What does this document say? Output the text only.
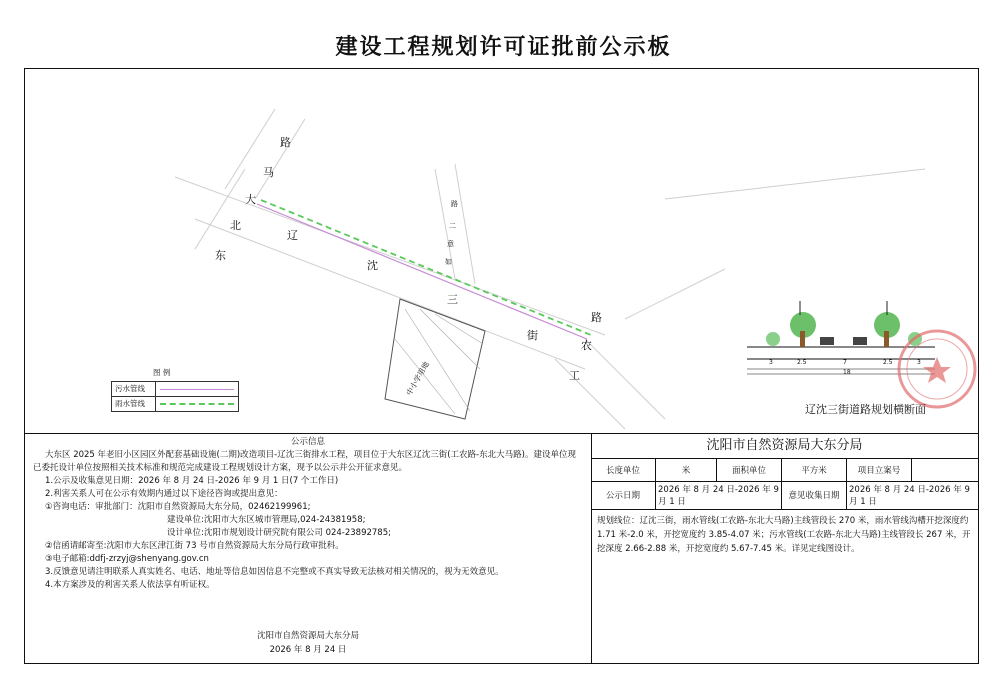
建设工程规划许可证批前公示板
路
马
大
北
东
辽
沈
三
街
路
农
工
如
意
二
路
中小学用地
辽沈三街道路规划横断面
3	2.5	7	2.5	3
18
图 例
污水管线
雨水管线
公示信息

大东区 2025 年老旧小区园区外配套基础设施(二期)改造项目-辽沈三街排水工程，项目位于大东区辽沈三街(工农路-东北大马路)。建设单位现已委托设计单位按照相关技术标准和规范完成建设工程规划设计方案，现予以公示并公开征求意见。

1.公示及收集意见日期：2026 年 8 月 24 日-2026 年 9 月 1 日(7 个工作日)

2.利害关系人可在公示有效期内通过以下途径咨询或提出意见：

①咨询电话：审批部门：沈阳市自然资源局大东分局，02462199961;

建设单位:沈阳市大东区城市管理局,024-24381958;

设计单位:沈阳市规划设计研究院有限公司 024-23892785;

②信函请邮寄至:沈阳市大东区津江街 73 号市自然资源局大东分局行政审批科。

③电子邮箱:ddfj-zrzyj@shenyang.gov.cn

3.反馈意见请注明联系人真实姓名、电话、地址等信息如因信息不完整或不真实导致无法核对相关情况的，视为无效意见。

4.本方案涉及的利害关系人依法享有听证权。

沈阳市自然资源局大东分局
2026 年 8 月 24 日
沈阳市自然资源局大东分局
长度单位	米	面积单位	平方米	项目立案号	
公示日期	2026 年 8 月 24 日-2026 年 9 月 1 日		意见收集日期	2026 年 8 月 24 日-2026 年 9 月 1 日	
规划线位：辽沈三街，雨水管线(工农路-东北大马路)主线管段长 270 米，雨水管线沟槽开挖深度约 1.71 米-2.0 米，开挖宽度约 3.85-4.07 米；污水管线(工农路-东北大马路)主线管段长 267 米，开挖深度 2.66-2.88 米，开挖宽度约 5.67-7.45 米。详见定线图设计。
